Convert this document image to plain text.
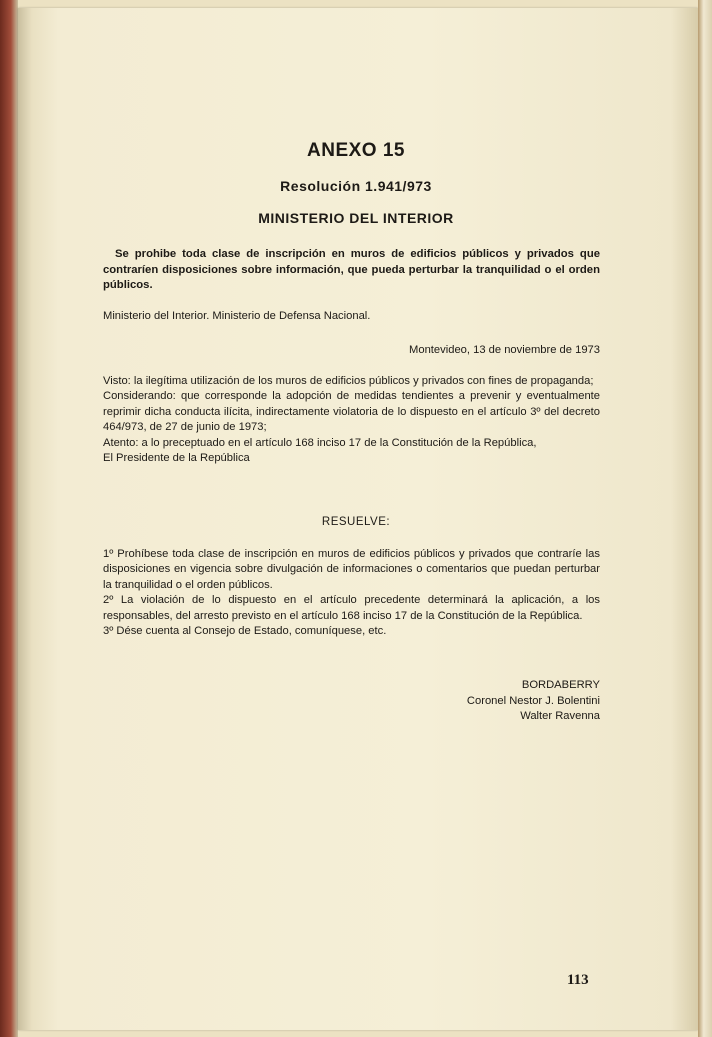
ANEXO 15
Resolución 1.941/973
MINISTERIO DEL INTERIOR
Se prohibe toda clase de inscripción en muros de edificios públicos y privados que contraríen disposiciones sobre información, que pueda perturbar la tranquilidad o el orden públicos.
Ministerio del Interior. Ministerio de Defensa Nacional.
Montevideo, 13 de noviembre de 1973

Visto: la ilegítima utilización de los muros de edificios públicos y privados con fines de propaganda;

Considerando: que corresponde la adopción de medidas tendientes a prevenir y eventualmente reprimir dicha conducta ilícita, indirectamente violatoria de lo dispuesto en el artículo 3º del decreto 464/973, de 27 de junio de 1973;

Atento: a lo preceptuado en el artículo 168 inciso 17 de la Constitución de la República,

El Presidente de la República

RESUELVE:

1º Prohíbese toda clase de inscripción en muros de edificios públicos y privados que contraríe las disposiciones en vigencia sobre divulgación de informaciones o comentarios que puedan perturbar la tranquilidad o el orden públicos.

2º La violación de lo dispuesto en el artículo precedente determinará la aplicación, a los responsables, del arresto previsto en el artículo 168 inciso 17 de la Constitución de la República.

3º Dése cuenta al Consejo de Estado, comuníquese, etc.

BORDABERRY
Coronel Nestor J. Bolentini
Walter Ravenna
113
